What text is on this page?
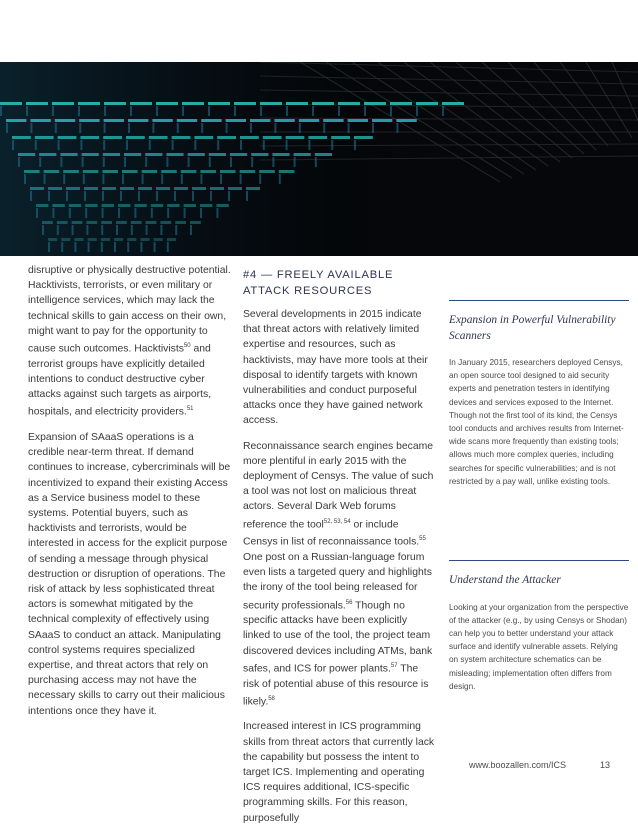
disruptive or physically destructive potential. Hacktivists, terrorists, or even military or intelligence services, which may lack the technical skills to gain access on their own, might want to pay for the opportunity to cause such outcomes. Hacktivists$^{50}$ and terrorist groups have explicitly detailed intentions to conduct destructive cyber attacks against such targets as airports, hospitals, and electricity providers.$^{51}$

Expansion of SAaaS operations is a credible near-term threat. If demand continues to increase, cybercriminals will be incentivized to expand their existing Access as a Service business model to these systems. Potential buyers, such as hacktivists and terrorists, would be interested in access for the explicit purpose of sending a message through physical destruction or disruption of operations. The risk of attack by less sophisticated threat actors is somewhat mitigated by the technical complexity of effectively using SAaaS to conduct an attack. Manipulating control systems requires specialized expertise, and threat actors that rely on purchasing access may not have the necessary skills to carry out their malicious intentions once they have it.

#4 — FREELY AVAILABLE ATTACK RESOURCES

Several developments in 2015 indicate that threat actors with relatively limited expertise and resources, such as hacktivists, may have more tools at their disposal to identify targets with known vulnerabilities and conduct purposeful attacks once they have gained network access.

Reconnaissance search engines became more plentiful in early 2015 with the deployment of Censys. The value of such a tool was not lost on malicious threat actors. Several Dark Web forums reference the tool$^{52, 53, 54}$ or include Censys in list of reconnaissance tools.$^{55}$ One post on a Russian-language forum even lists a targeted query and highlights the irony of the tool being released for security professionals.$^{56}$ Though no specific attacks have been explicitly linked to use of the tool, the project team discovered devices including ATMs, bank safes, and ICS for power plants.$^{57}$ The risk of potential abuse of this resource is likely.$^{58}$

Increased interest in ICS programming skills from threat actors that currently lack the capability but possess the intent to target ICS. Implementing and operating ICS requires additional, ICS-specific programming skills. For this reason, purposefully

Expansion in Powerful Vulnerability Scanners
In January 2015, researchers deployed Censys, an open source tool designed to aid security experts and penetration testers in identifying devices and services exposed to the Internet. Though not the first tool of its kind, the Censys tool conducts and archives results from Internet-wide scans more frequently than existing tools; allows much more complex queries, including searches for specific vulnerabilities; and is not restricted by a pay wall, unlike existing tools.
Understand the Attacker
Looking at your organization from the perspective of the attacker (e.g., by using Censys or Shodan) can help you to better understand your attack surface and identify vulnerable assets. Relying on system architecture schematics can be misleading; implementation often differs from design.
www.boozallen.com/ICS	13
